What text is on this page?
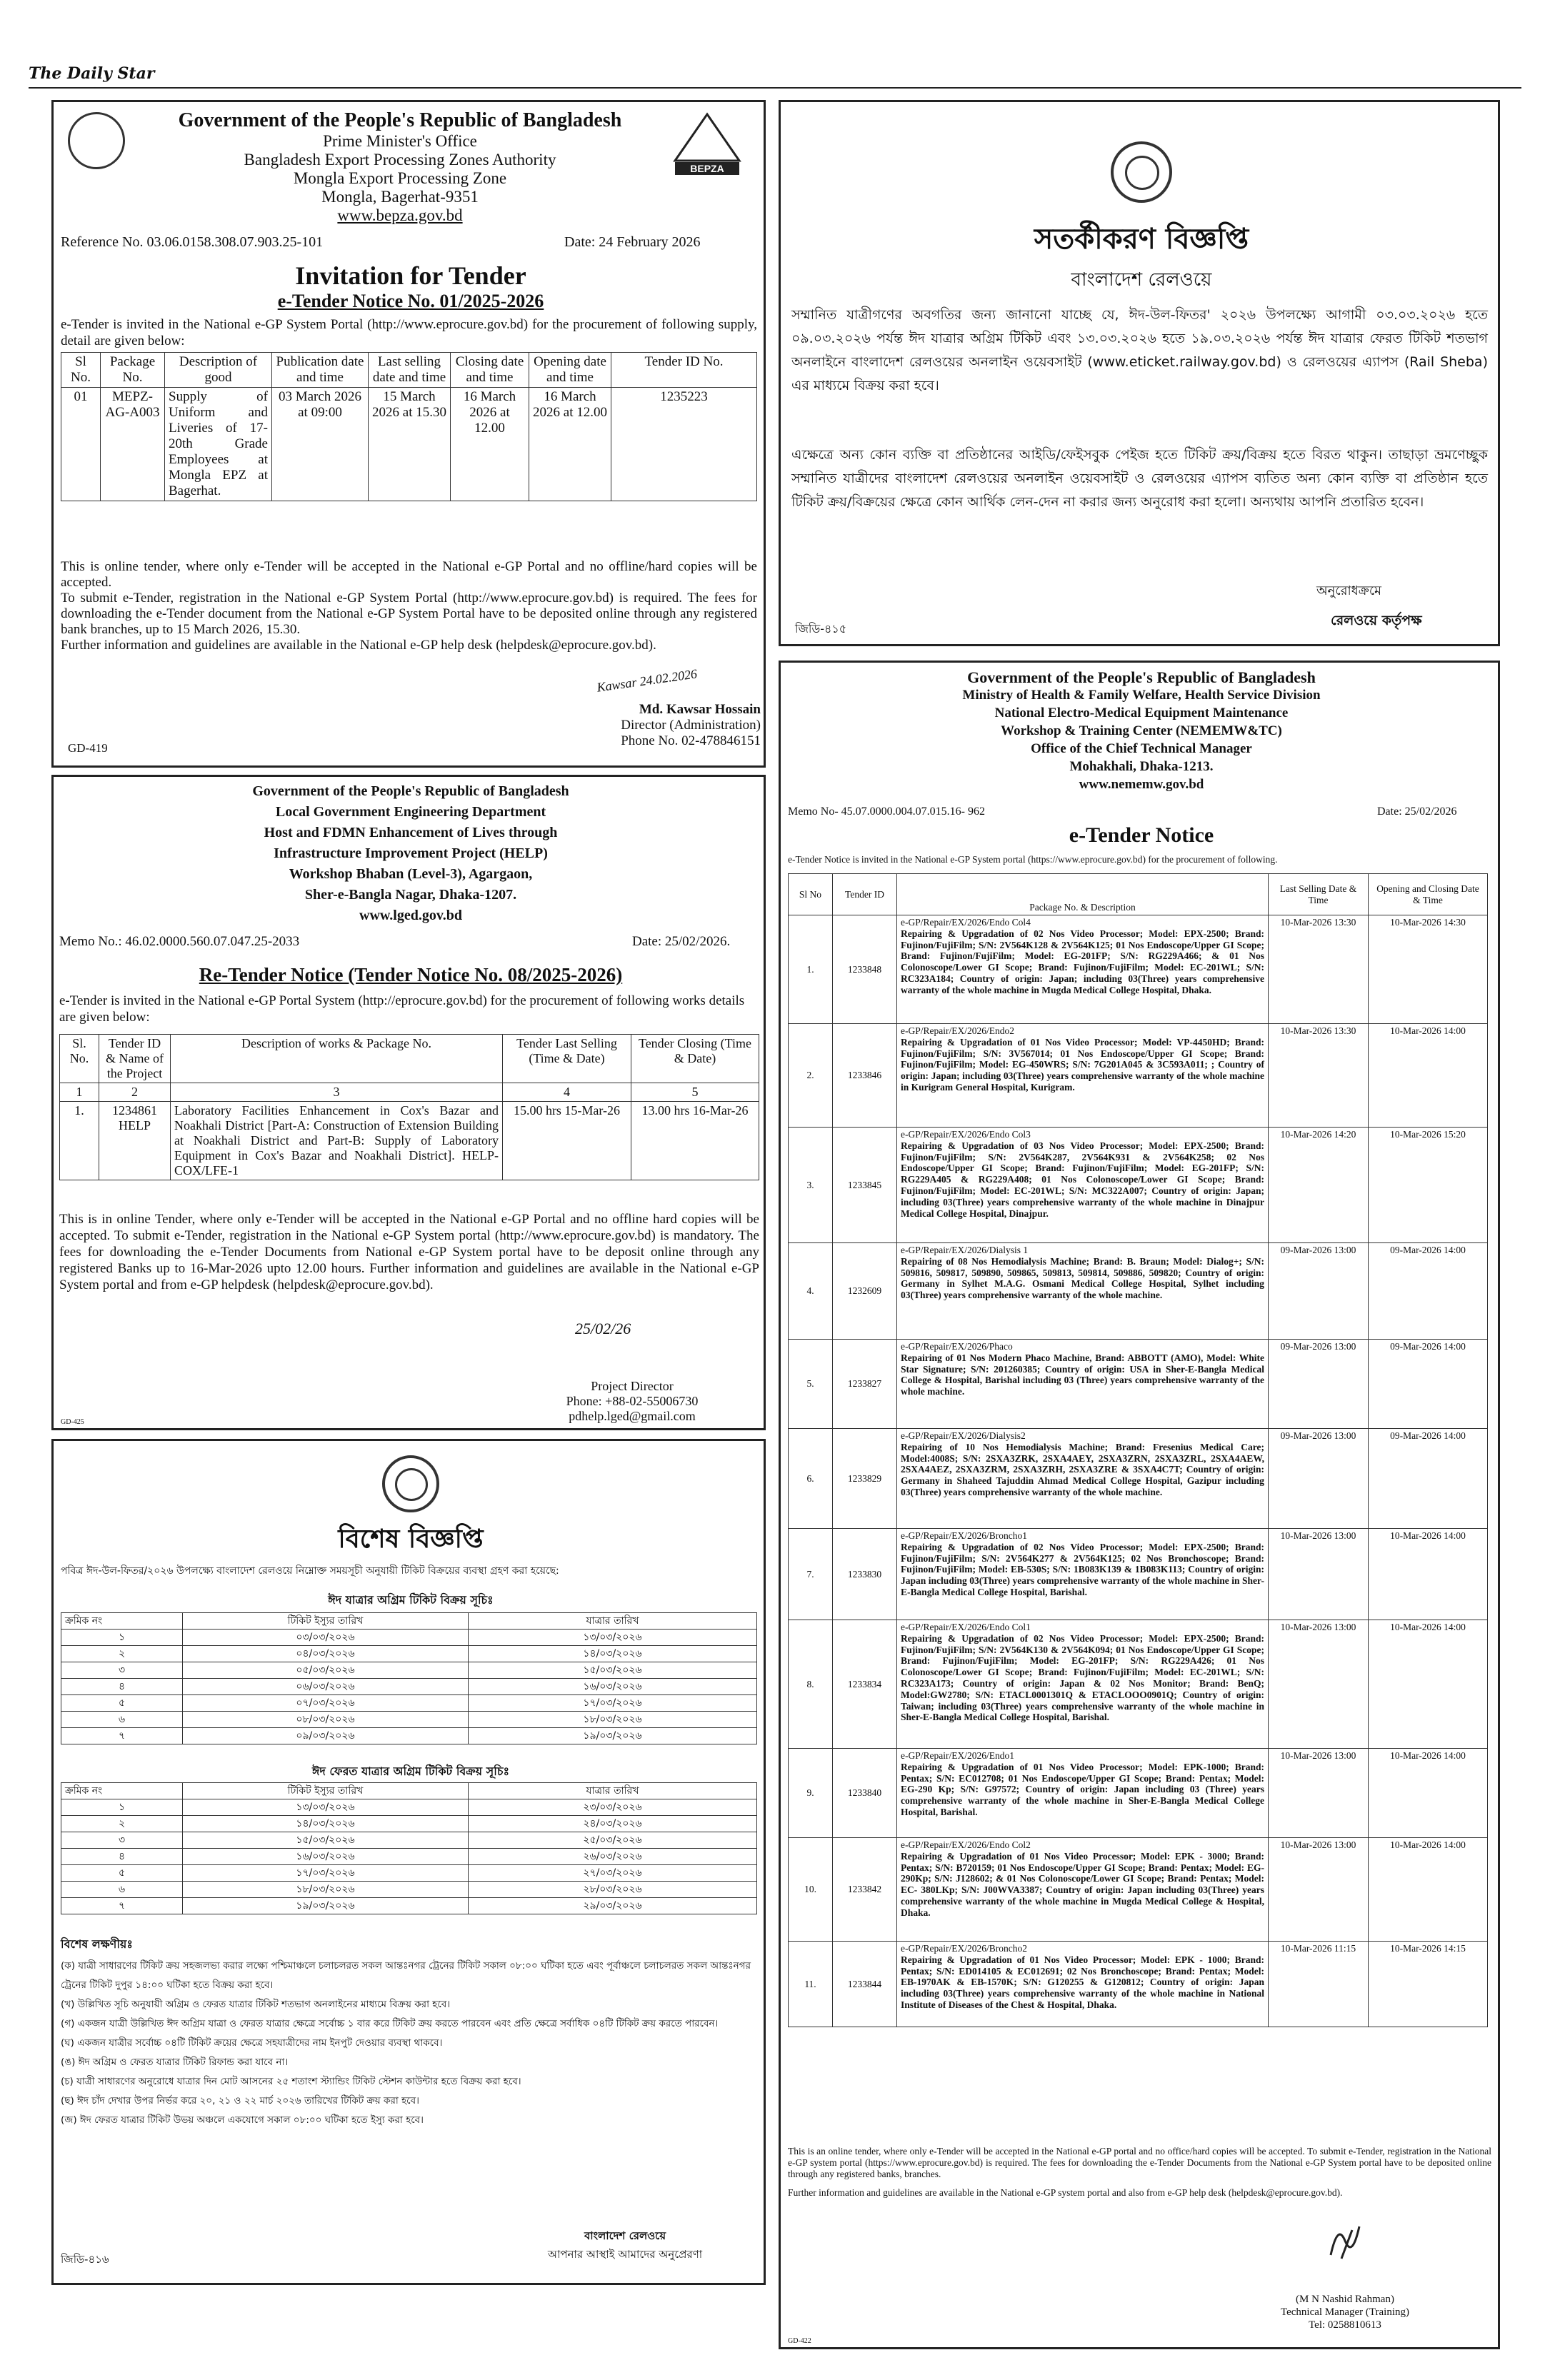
The Daily Star
BEPZA
Government of the People's Republic of Bangladesh
Prime Minister's Office
Bangladesh Export Processing Zones Authority
Mongla Export Processing Zone
Mongla, Bagerhat-9351
www.bepza.gov.bd
Reference No. 03.06.0158.308.07.903.25-101	Date: 24 February 2026
Invitation for Tender
e-Tender Notice No. 01/2025-2026
e-Tender is invited in the National e-GP System Portal (http://www.eprocure.gov.bd) for the procurement of following supply, detail are given below:
Sl No.	Package No.	Description of good	Publication date and time	Last selling date and time	Closing date and time	Opening date and time	Tender ID No.
01	MEPZ-AG-A003	Supply of Uniform and Liveries of 17-20th Grade Employees at Mongla EPZ at Bagerhat.	03 March 2026 at 09:00	15 March 2026 at 15.30	16 March 2026 at 12.00	16 March 2026 at 12.00	1235223
This is online tender, where only e-Tender will be accepted in the National e-GP Portal and no offline/hard copies will be accepted.
To submit e-Tender, registration in the National e-GP System Portal (http://www.eprocure.gov.bd) is required. The fees for downloading the e-Tender document from the National e-GP System Portal have to be deposited online through any registered bank branches, up to 15 March 2026, 15.30.
Further information and guidelines are available in the National e-GP help desk (helpdesk@eprocure.gov.bd).
Kawsar 24.02.2026
Md. Kawsar Hossain
Director (Administration)
Phone No. 02-478846151
GD-419
সতর্কীকরণ বিজ্ঞপ্তি
বাংলাদেশ রেলওয়ে
সম্মানিত যাত্রীগণের অবগতির জন্য জানানো যাচ্ছে যে, ঈদ-উল-ফিতর' ২০২৬ উপলক্ষ্যে আগামী ০৩.০৩.২০২৬ হতে ০৯.০৩.২০২৬ পর্যন্ত ঈদ যাত্রার অগ্রিম টিকিট এবং ১৩.০৩.২০২৬ হতে ১৯.০৩.২০২৬ পর্যন্ত ঈদ যাত্রার ফেরত টিকিট শতভাগ অনলাইনে বাংলাদেশ রেলওয়ের অনলাইন ওয়েবসাইট (www.eticket.railway.gov.bd) ও রেলওয়ের এ্যাপস (Rail Sheba) এর মাধ্যমে বিক্রয় করা হবে।
এক্ষেত্রে অন্য কোন ব্যক্তি বা প্রতিষ্ঠানের আইডি/ফেইসবুক পেইজ হতে টিকিট ক্রয়/বিক্রয় হতে বিরত থাকুন। তাছাড়া ভ্রমণেচ্ছুক সম্মানিত যাত্রীদের বাংলাদেশ রেলওয়ের অনলাইন ওয়েবসাইট ও রেলওয়ের এ্যাপস ব্যতিত অন্য কোন ব্যক্তি বা প্রতিষ্ঠান হতে টিকিট ক্রয়/বিক্রয়ের ক্ষেত্রে কোন আর্থিক লেন-দেন না করার জন্য অনুরোধ করা হলো। অন্যথায় আপনি প্রতারিত হবেন।
অনুরোধক্রমে
রেলওয়ে কর্তৃপক্ষ
জিডি-৪১৫
Government of the People's Republic of Bangladesh
Local Government Engineering Department
Host and FDMN Enhancement of Lives through
Infrastructure Improvement Project (HELP)
Workshop Bhaban (Level-3), Agargaon,
Sher-e-Bangla Nagar, Dhaka-1207.
www.lged.gov.bd
Memo No.: 46.02.0000.560.07.047.25-2033	Date: 25/02/2026.
Re-Tender Notice (Tender Notice No. 08/2025-2026)
e-Tender is invited in the National e-GP Portal System (http://eprocure.gov.bd) for the procurement of following works details are given below:
Sl. No.	Tender ID & Name of the Project	Description of works & Package No.	Tender Last Selling (Time & Date)	Tender Closing (Time & Date)
1	2	3	4	5
1.	1234861 HELP	Laboratory Facilities Enhancement in Cox's Bazar and Noakhali District [Part-A: Construction of Extension Building at Noakhali District and Part-B: Supply of Laboratory Equipment in Cox's Bazar and Noakhali District]. HELP-COX/LFE-1	15.00 hrs 15-Mar-26	13.00 hrs 16-Mar-26
This is in online Tender, where only e-Tender will be accepted in the National e-GP Portal and no offline hard copies will be accepted. To submit e-Tender, registration in the National e-GP System portal (http://www.eprocure.gov.bd) is mandatory. The fees for downloading the e-Tender Documents from National e-GP System portal have to be deposit online through any registered Banks up to 16-Mar-2026 upto 12.00 hours. Further information and guidelines are available in the National e-GP System portal and from e-GP helpdesk (helpdesk@eprocure.gov.bd).
25/02/26
Project Director
Phone: +88-02-55006730
pdhelp.lged@gmail.com
GD-425
বিশেষ বিজ্ঞপ্তি
পবিত্র ঈদ-উল-ফিতর/২০২৬ উপলক্ষ্যে বাংলাদেশ রেলওয়ে নিম্নোক্ত সময়সূচী অনুযায়ী টিকিট বিক্রয়ের ব্যবস্থা গ্রহণ করা হয়েছে:
ঈদ যাত্রার অগ্রিম টিকিট বিক্রয় সূচিঃ
ক্রমিক নং	টিকিট ইস্যুর তারিখ	যাত্রার তারিখ
১	০৩/০৩/২০২৬	১৩/০৩/২০২৬
২	০৪/০৩/২০২৬	১৪/০৩/২০২৬
৩	০৫/০৩/২০২৬	১৫/০৩/২০২৬
৪	০৬/০৩/২০২৬	১৬/০৩/২০২৬
৫	০৭/০৩/২০২৬	১৭/০৩/২০২৬
৬	০৮/০৩/২০২৬	১৮/০৩/২০২৬
৭	০৯/০৩/২০২৬	১৯/০৩/২০২৬
ঈদ ফেরত যাত্রার অগ্রিম টিকিট বিক্রয় সূচিঃ
ক্রমিক নং	টিকিট ইস্যুর তারিখ	যাত্রার তারিখ
১	১৩/০৩/২০২৬	২৩/০৩/২০২৬
২	১৪/০৩/২০২৬	২৪/০৩/২০২৬
৩	১৫/০৩/২০২৬	২৫/০৩/২০২৬
৪	১৬/০৩/২০২৬	২৬/০৩/২০২৬
৫	১৭/০৩/২০২৬	২৭/০৩/২০২৬
৬	১৮/০৩/২০২৬	২৮/০৩/২০২৬
৭	১৯/০৩/২০২৬	২৯/০৩/২০২৬
বিশেষ লক্ষণীয়ঃ
(ক) যাত্রী সাধারণের টিকিট ক্রয় সহজলভ্য করার লক্ষ্যে পশ্চিমাঞ্চলে চলাচলরত সকল আন্তঃনগর ট্রেনের টিকিট সকাল ০৮:০০ ঘটিকা হতে এবং পূর্বাঞ্চলে চলাচলরত সকল আন্তঃনগর ট্রেনের টিকিট দুপুর ১৪:০০ ঘটিকা হতে বিক্রয় করা হবে।
(খ) উল্লিখিত সূচি অনুযায়ী অগ্রিম ও ফেরত যাত্রার টিকিট শতভাগ অনলাইনের মাধ্যমে বিক্রয় করা হবে।
(গ) একজন যাত্রী উল্লিখিত ঈদ অগ্রিম যাত্রা ও ফেরত যাত্রার ক্ষেত্রে সর্বোচ্চ ১ বার করে টিকিট ক্রয় করতে পারবেন এবং প্রতি ক্ষেত্রে সর্বাধিক ০৪টি টিকিট ক্রয় করতে পারবেন।
(ঘ) একজন যাত্রীর সর্বোচ্চ ০৪টি টিকিট ক্রয়ের ক্ষেত্রে সহযাত্রীদের নাম ইনপুট দেওয়ার ব্যবস্থা থাকবে।
(ঙ) ঈদ অগ্রিম ও ফেরত যাত্রার টিকিট রিফান্ড করা যাবে না।
(চ) যাত্রী সাধারণের অনুরোধে যাত্রার দিন মোট আসনের ২৫ শতাংশ স্ট্যান্ডিং টিকিট স্টেশন কাউন্টার হতে বিক্রয় করা হবে।
(ছ) ঈদ চাঁদ দেখার উপর নির্ভর করে ২০, ২১ ও ২২ মার্চ ২০২৬ তারিখের টিকিট ক্রয় করা হবে।
(জ) ঈদ ফেরত যাত্রার টিকিট উভয় অঞ্চলে একযোগে সকাল ০৮:০০ ঘটিকা হতে ইস্যু করা হবে।
বাংলাদেশ রেলওয়ে
আপনার আস্থাই আমাদের অনুপ্রেরণা
জিডি-৪১৬
Government of the People's Republic of Bangladesh
Ministry of Health & Family Welfare, Health Service Division
National Electro-Medical Equipment Maintenance
Workshop & Training Center (NEMEMW&TC)
Office of the Chief Technical Manager
Mohakhali, Dhaka-1213.
www.nememw.gov.bd
Memo No- 45.07.0000.004.07.015.16- 962	Date: 25/02/2026
e-Tender Notice
e-Tender Notice is invited in the National e-GP System portal (https://www.eprocure.gov.bd) for the procurement of following.
Sl No	Tender ID	Package No. & Description	Last Selling Date & Time	Opening and Closing Date & Time
1.	1233848	e-GP/Repair/EX/2026/Endo Col4
Repairing & Upgradation of 02 Nos Video Processor; Model: EPX-2500; Brand: Fujinon/FujiFilm; S/N: 2V564K128 & 2V564K125; 01 Nos Endoscope/Upper GI Scope; Brand: Fujinon/FujiFilm; Model: EG-201FP; S/N: RG229A466; & 01 Nos Colonoscope/Lower GI Scope; Brand: Fujinon/FujiFilm; Model: EC-201WL; S/N: RC323A184; Country of origin: Japan; including 03(Three) years comprehensive warranty of the whole machine in Mugda Medical College Hospital, Dhaka.	10-Mar-2026 13:30	10-Mar-2026 14:30
2.	1233846	e-GP/Repair/EX/2026/Endo2
Repairing & Upgradation of 01 Nos Video Processor; Model: VP-4450HD; Brand: Fujinon/FujiFilm; S/N: 3V567014; 01 Nos Endoscope/Upper GI Scope; Brand: Fujinon/FujiFilm; Model: EG-450WRS; S/N: 7G201A045 & 3C593A011; ; Country of origin: Japan; including 03(Three) years comprehensive warranty of the whole machine in Kurigram General Hospital, Kurigram.	10-Mar-2026 13:30	10-Mar-2026 14:00
3.	1233845	e-GP/Repair/EX/2026/Endo Col3
Repairing & Upgradation of 03 Nos Video Processor; Model: EPX-2500; Brand: Fujinon/FujiFilm; S/N: 2V564K287, 2V564K931 & 2V564K258; 02 Nos Endoscope/Upper GI Scope; Brand: Fujinon/FujiFilm; Model: EG-201FP; S/N: RG229A405 & RG229A408; 01 Nos Colonoscope/Lower GI Scope; Brand: Fujinon/FujiFilm; Model: EC-201WL; S/N: MC322A007; Country of origin: Japan; including 03(Three) years comprehensive warranty of the whole machine in Dinajpur Medical College Hospital, Dinajpur.	10-Mar-2026 14:20	10-Mar-2026 15:20
4.	1232609	e-GP/Repair/EX/2026/Dialysis 1
Repairing of 08 Nos Hemodialysis Machine; Brand: B. Braun; Model: Dialog+; S/N: 509816, 509817, 509890, 509865, 509813, 509814, 509886, 509820; Country of origin: Germany in Sylhet M.A.G. Osmani Medical College Hospital, Sylhet including 03(Three) years comprehensive warranty of the whole machine.	09-Mar-2026 13:00	09-Mar-2026 14:00
5.	1233827	e-GP/Repair/EX/2026/Phaco
Repairing of 01 Nos Modern Phaco Machine, Brand: ABBOTT (AMO), Model: White Star Signature; S/N: 201260385; Country of origin: USA in Sher-E-Bangla Medical College & Hospital, Barishal including 03 (Three) years comprehensive warranty of the whole machine.	09-Mar-2026 13:00	09-Mar-2026 14:00
6.	1233829	e-GP/Repair/EX/2026/Dialysis2
Repairing of 10 Nos Hemodialysis Machine; Brand: Fresenius Medical Care; Model:4008S; S/N: 2SXA3ZRK, 2SXA4AEY, 2SXA3ZRN, 2SXA3ZRL, 2SXA4AEW, 2SXA4AEZ, 2SXA3ZRM, 2SXA3ZRH, 2SXA3ZRE & 3SXA4C7T; Country of origin: Germany in Shaheed Tajuddin Ahmad Medical College Hospital, Gazipur including 03(Three) years comprehensive warranty of the whole machine.	09-Mar-2026 13:00	09-Mar-2026 14:00
7.	1233830	e-GP/Repair/EX/2026/Broncho1
Repairing & Upgradation of 02 Nos Video Processor; Model: EPX-2500; Brand: Fujinon/FujiFilm; S/N: 2V564K277 & 2V564K125; 02 Nos Bronchoscope; Brand: Fujinon/FujiFilm; Model: EB-530S; S/N: 1B083K139 & 1B083K113; Country of origin: Japan including 03(Three) years comprehensive warranty of the whole machine in Sher-E-Bangla Medical College Hospital, Barishal.	10-Mar-2026 13:00	10-Mar-2026 14:00
8.	1233834	e-GP/Repair/EX/2026/Endo Col1
Repairing & Upgradation of 02 Nos Video Processor; Model: EPX-2500; Brand: Fujinon/FujiFilm; S/N: 2V564K130 & 2V564K094; 01 Nos Endoscope/Upper GI Scope; Brand: Fujinon/FujiFilm; Model: EG-201FP; S/N: RG229A426; 01 Nos Colonoscope/Lower GI Scope; Brand: Fujinon/FujiFilm; Model: EC-201WL; S/N: RC323A173; Country of origin: Japan & 02 Nos Monitor; Brand: BenQ; Model:GW2780; S/N: ETACL0001301Q & ETACLOOO0901Q; Country of origin: Taiwan; including 03(Three) years comprehensive warranty of the whole machine in Sher-E-Bangla Medical College Hospital, Barishal.	10-Mar-2026 13:00	10-Mar-2026 14:00
9.	1233840	e-GP/Repair/EX/2026/Endo1
Repairing & Upgradation of 01 Nos Video Processor; Model: EPK-1000; Brand: Pentax; S/N: EC012708; 01 Nos Endoscope/Upper GI Scope; Brand: Pentax; Model: EG-290 Kp; S/N: G97572; Country of origin: Japan including 03 (Three) years comprehensive warranty of the whole machine in Sher-E-Bangla Medical College Hospital, Barishal.	10-Mar-2026 13:00	10-Mar-2026 14:00
10.	1233842	e-GP/Repair/EX/2026/Endo Col2
Repairing & Upgradation of 01 Nos Video Processor; Model: EPK - 3000; Brand: Pentax; S/N: B720159; 01 Nos Endoscope/Upper GI Scope; Brand: Pentax; Model: EG-290Kp; S/N: J128602; & 01 Nos Colonoscope/Lower GI Scope; Brand: Pentax; Model: EC- 380LKp; S/N: J00WVA3387; Country of origin: Japan including 03(Three) years comprehensive warranty of the whole machine in Mugda Medical College & Hospital, Dhaka.	10-Mar-2026 13:00	10-Mar-2026 14:00
11.	1233844	e-GP/Repair/EX/2026/Broncho2
Repairing & Upgradation of 01 Nos Video Processor; Model: EPK - 1000; Brand: Pentax; S/N: ED014105 & EC012691; 02 Nos Bronchoscope; Brand: Pentax; Model: EB-1970AK & EB-1570K; S/N: G120255 & G120812; Country of origin: Japan including 03(Three) years comprehensive warranty of the whole machine in National Institute of Diseases of the Chest & Hospital, Dhaka.	10-Mar-2026 11:15	10-Mar-2026 14:15
This is an online tender, where only e-Tender will be accepted in the National e-GP portal and no office/hard copies will be accepted. To submit e-Tender, registration in the National e-GP system portal (https://www.eprocure.gov.bd) is required. The fees for downloading the e-Tender Documents from the National e-GP System portal have to be deposited online through any registered banks, branches.
Further information and guidelines are available in the National e-GP system portal and also from e-GP help desk (helpdesk@eprocure.gov.bd).
(M N Nashid Rahman)
Technical Manager (Training)
Tel: 0258810613
GD-422
